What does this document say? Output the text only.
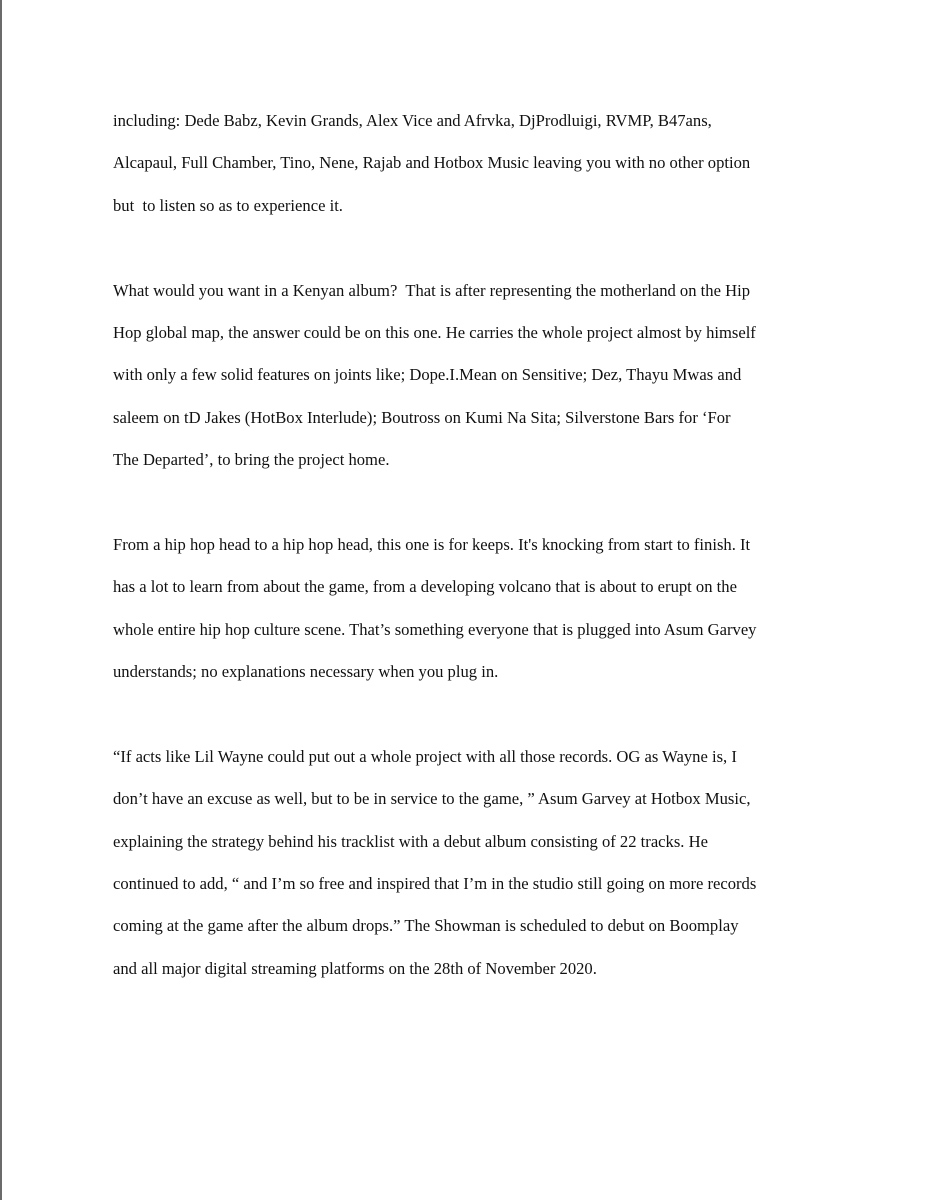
including: Dede Babz, Kevin Grands, Alex Vice and Afrvka, DjProdluigi, RVMP, B47ans,
Alcapaul, Full Chamber, Tino, Nene, Rajab and Hotbox Music leaving you with no other option
but  to listen so as to experience it.
What would you want in a Kenyan album?  That is after representing the motherland on the Hip
Hop global map, the answer could be on this one. He carries the whole project almost by himself
with only a few solid features on joints like; Dope.I.Mean on Sensitive; Dez, Thayu Mwas and
saleem on tD Jakes (HotBox Interlude); Boutross on Kumi Na Sita; Silverstone Bars for ‘For
The Departed’, to bring the project home.
From a hip hop head to a hip hop head, this one is for keeps. It's knocking from start to finish. It
has a lot to learn from about the game, from a developing volcano that is about to erupt on the
whole entire hip hop culture scene. That’s something everyone that is plugged into Asum Garvey
understands; no explanations necessary when you plug in.
“If acts like Lil Wayne could put out a whole project with all those records. OG as Wayne is, I
don’t have an excuse as well, but to be in service to the game, ” Asum Garvey at Hotbox Music,
explaining the strategy behind his tracklist with a debut album consisting of 22 tracks. He
continued to add, “ and I’m so free and inspired that I’m in the studio still going on more records
coming at the game after the album drops.” The Showman is scheduled to debut on Boomplay
and all major digital streaming platforms on the 28th of November 2020.
